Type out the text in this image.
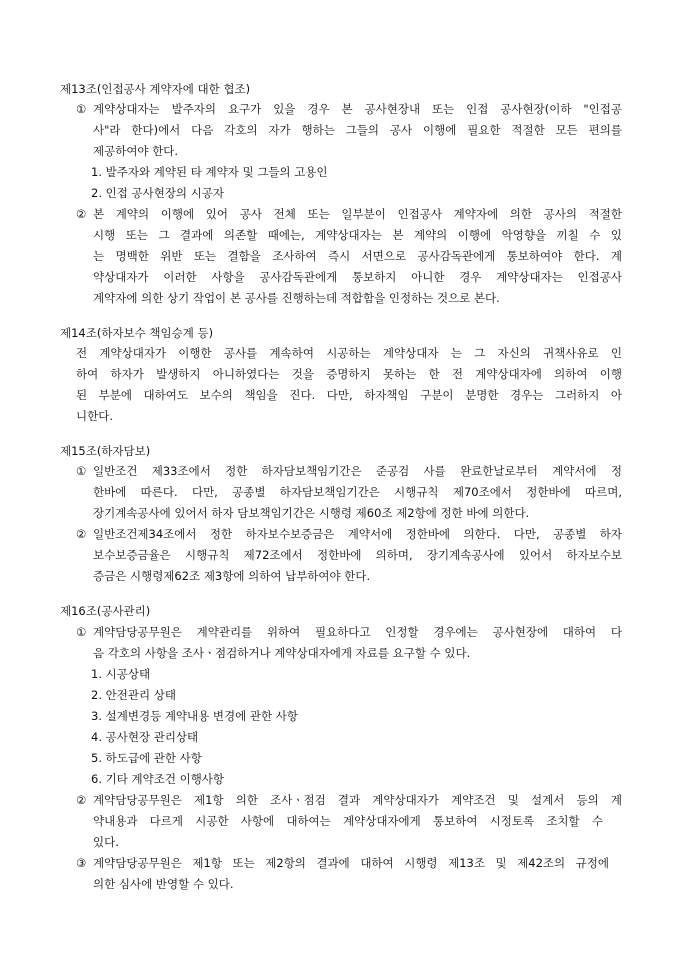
제13조(인접공사 계약자에 대한 협조)
① 계약상대자는 발주자의 요구가 있을 경우 본 공사현장내 또는 인접 공사현장(이하 "인접공
사"라 한다)에서 다음 각호의 자가 행하는 그들의 공사 이행에 필요한 적절한 모든 편의를
제공하여야 한다.
1. 발주자와 계약된 타 계약자 및 그들의 고용인
2. 인접 공사현장의 시공자
② 본 계약의 이행에 있어 공사 전체 또는 일부분이 인접공사 계약자에 의한 공사의 적절한
시행 또는 그 결과에 의존할 때에는, 계약상대자는 본 계약의 이행에 악영향을 끼칠 수 있
는 명백한 위반 또는 결함을 조사하여 즉시 서면으로 공사감독관에게 통보하여야 한다. 계
약상대자가 이러한 사항을 공사감독관에게 통보하지 아니한 경우 계약상대자는 인접공사
계약자에 의한 상기 작업이 본 공사를 진행하는데 적합함을 인정하는 것으로 본다.
제14조(하자보수 책임승계 등)
전 계약상대자가 이행한 공사를 계속하여 시공하는 계약상대자 는 그 자신의 귀책사유로 인
하여 하자가 발생하지 아니하였다는 것을 증명하지 못하는 한 전 계약상대자에 의하여 이행
된 부분에 대하여도 보수의 책임을 진다. 다만, 하자책임 구분이 분명한 경우는 그러하지 아
니한다.
제15조(하자담보)
① 일반조건 제33조에서 정한 하자담보책임기간은 준공검 사를 완료한날로부터 계약서에 정
한바에 따른다. 다만, 공종별 하자담보책임기간은 시행규칙 제70조에서 정한바에 따르며,
장기계속공사에 있어서 하자 담보책임기간은 시행령 제60조 제2항에 정한 바에 의한다.
② 일반조건제34조에서 정한 하자보수보증금은 계약서에 정한바에 의한다. 다만, 공종별 하자
보수보증금율은 시행규칙 제72조에서 정한바에 의하며, 장기계속공사에 있어서 하자보수보
증금은 시행령제62조 제3항에 의하여 납부하여야 한다.
제16조(공사관리)
① 계약담당공무원은 계약관리를 위하여 필요하다고 인정할 경우에는 공사현장에 대하여 다
음 각호의 사항을 조사ㆍ점검하거나 계약상대자에게 자료를 요구할 수 있다.
1. 시공상태
2. 안전관리 상태
3. 설계변경등 계약내용 변경에 관한 사항
4. 공사현장 관리상태
5. 하도급에 관한 사항
6. 기타 계약조건 이행사항
② 계약담당공무원은 제1항 의한 조사ㆍ점검 결과 계약상대자가 계약조건 및 설계서 등의 계
약내용과 다르게 시공한 사항에 대하여는 계약상대자에게 통보하여 시정토록 조치할 수
있다.
③ 계약담당공무원은 제1항 또는 제2항의 결과에 대하여 시행령 제13조 및 제42조의 규정에
의한 심사에 반영할 수 있다.
